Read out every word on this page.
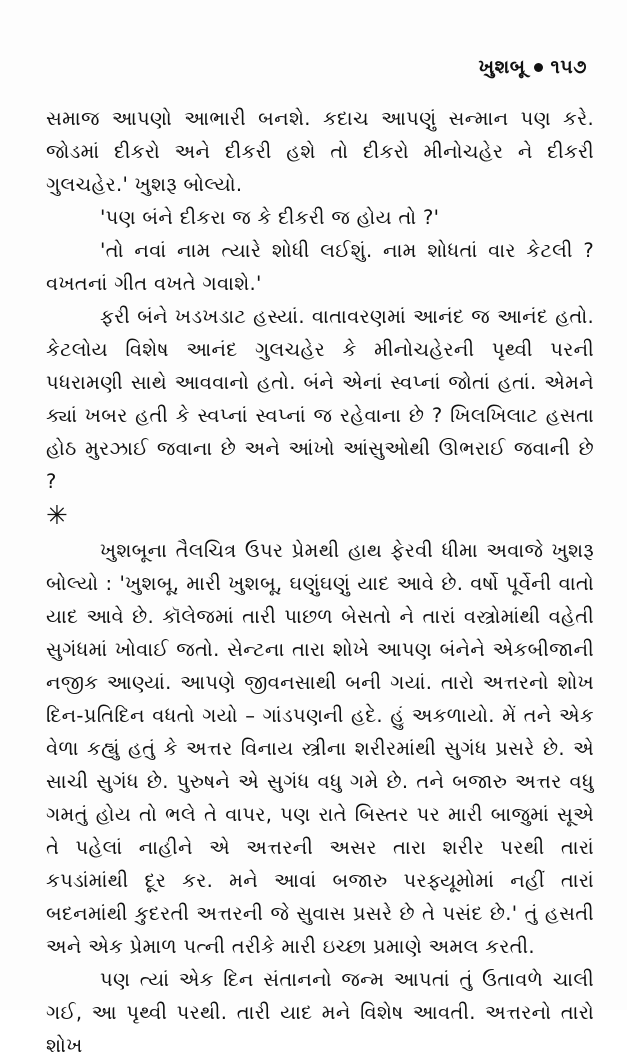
ખુશબૂ ૧૫૭

સમાજ આપણો આભારી બનશે. કદાચ આપણું સન્માન પણ કરે. જોડમાં દીકરો અને દીકરી હશે તો દીકરો મીનોચહેર ને દીકરી ગુલચહેર.' ખુશરૂ બોલ્યો.

'પણ બંને દીકરા જ કે દીકરી જ હોય તો ?'

'તો નવાં નામ ત્યારે શોધી લઈશું. નામ શોધતાં વાર કેટલી ? વખતનાં ગીત વખતે ગવાશે.'

ફરી બંને ખડખડાટ હસ્યાં. વાતાવરણમાં આનંદ જ આનંદ હતો. કેટલોય વિશેષ આનંદ ગુલચહેર કે મીનોચહેરની પૃથ્વી પરની પધરામણી સાથે આવવાનો હતો. બંને એનાં સ્વપ્નાં જોતાં હતાં. એમને ક્યાં ખબર હતી કે સ્વપ્નાં સ્વપ્નાં જ રહેવાના છે ? ખિલખિલાટ હસતા હોઠ મુરઝાઈ જવાના છે અને આંખો આંસુઓથી ઊભરાઈ જવાની છે ?

✳

ખુશબૂના તૈલચિત્ર ઉપર પ્રેમથી હાથ ફેરવી ધીમા અવાજે ખુશરૂ બોલ્યો : 'ખુશબૂ, મારી ખુશબૂ, ઘણુંઘણું યાદ આવે છે. વર્ષો પૂર્વેની વાતો યાદ આવે છે. કૉલેજમાં તારી પાછળ બેસતો ને તારાં વસ્ત્રોમાંથી વહેતી સુગંધમાં ખોવાઈ જતો. સેન્ટના તારા શોખે આપણ બંનેને એકબીજાની નજીક આણ્યાં. આપણે જીવનસાથી બની ગયાં. તારો અત્તરનો શોખ દિન-પ્રતિદિન વધતો ગયો – ગાંડપણની હદે. હું અકળાયો. મેં તને એક વેળા કહ્યું હતું કે અત્તર વિનાય સ્ત્રીના શરીરમાંથી સુગંધ પ્રસરે છે. એ સાચી સુગંધ છે. પુરુષને એ સુગંધ વધુ ગમે છે. તને બજારુ અત્તર વધુ ગમતું હોય તો ભલે તે વાપર, પણ રાતે બિસ્તર પર મારી બાજુમાં સૂએ તે પહેલાં નાહીને એ અત્તરની અસર તારા શરીર પરથી તારાં કપડાંમાંથી દૂર કર. મને આવાં બજારુ પરફ્યૂમોમાં નહીં તારાં બદનમાંથી કુદરતી અત્તરની જે સુવાસ પ્રસરે છે તે પસંદ છે.' તું હસતી અને એક પ્રેમાળ પત્ની તરીકે મારી ઇચ્છા પ્રમાણે અમલ કરતી.

પણ ત્યાં એક દિન સંતાનનો જન્મ આપતાં તું ઉતાવળે ચાલી ગઈ, આ પૃથ્વી પરથી. તારી યાદ મને વિશેષ આવતી. અત્તરનો તારો શોખ
